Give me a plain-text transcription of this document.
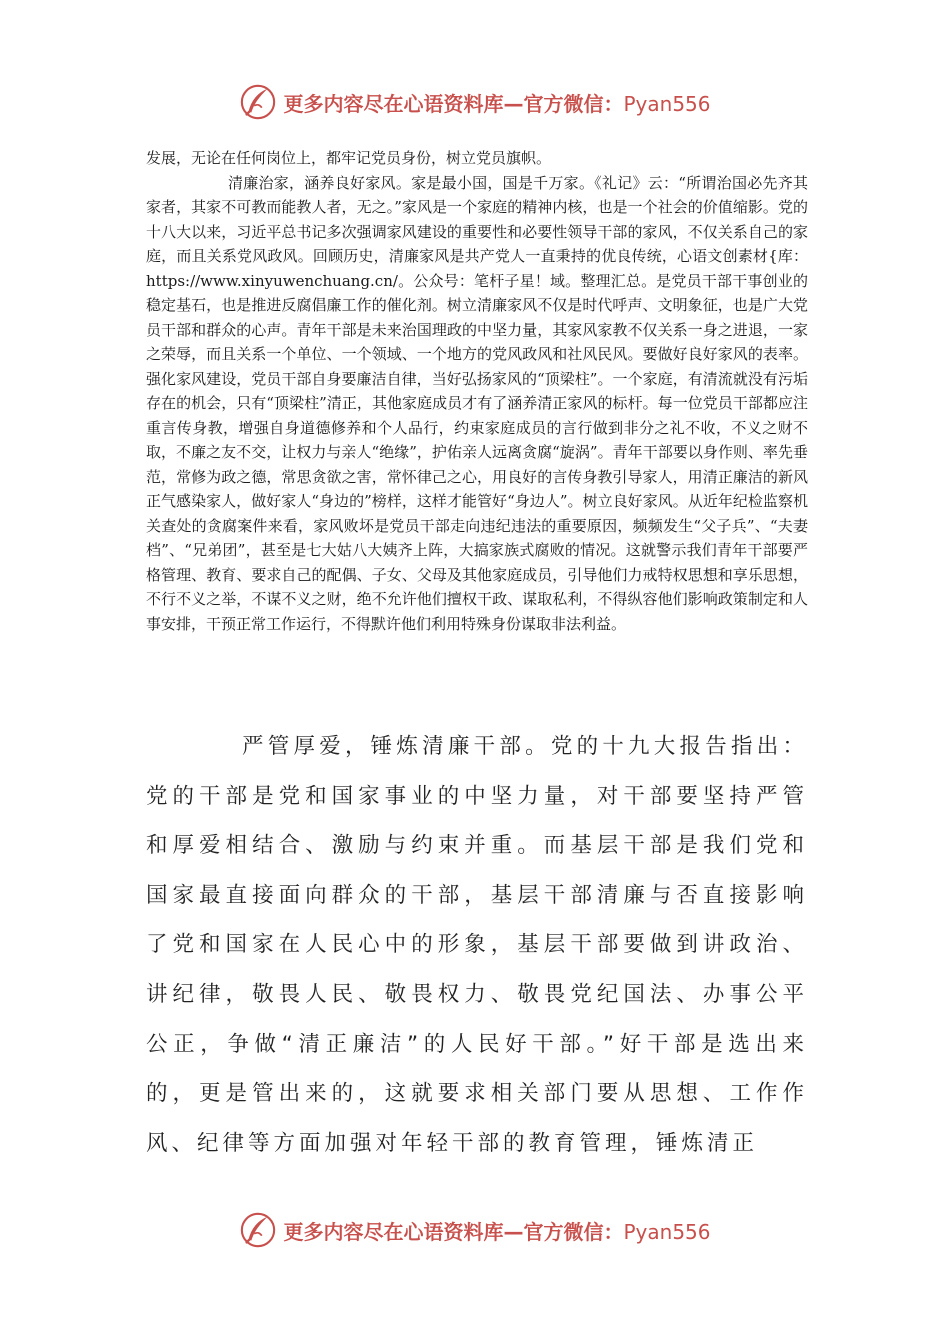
更多内容尽在心语资料库—官方微信：Pyan556

发展，无论在任何岗位上，都牢记党员身份，树立党员旗帜。

清廉治家，涵养良好家风。家是最小国，国是千万家。《礼记》云：“所谓治国必先齐其家者，其家不可教而能教人者，无之。”家风是一个家庭的精神内核，也是一个社会的价值缩影。党的十八大以来，习近平总书记多次强调家风建设的重要性和必要性领导干部的家风，不仅关系自己的家庭，而且关系党风政风。回顾历史，清廉家风是共产党人一直秉持的优良传统，心语文创素材{库：https://www.xinyuwenchuang.cn/。公众号：笔杆子星！域。整理汇总。是党员干部干事创业的稳定基石，也是推进反腐倡廉工作的催化剂。树立清廉家风不仅是时代呼声、文明象征，也是广大党员干部和群众的心声。青年干部是未来治国理政的中坚力量，其家风家教不仅关系一身之进退，一家之荣辱，而且关系一个单位、一个领域、一个地方的党风政风和社风民风。要做好良好家风的表率。强化家风建设，党员干部自身要廉洁自律，当好弘扬家风的“顶梁柱”。一个家庭，有清流就没有污垢存在的机会，只有“顶梁柱”清正，其他家庭成员才有了涵养清正家风的标杆。每一位党员干部都应注重言传身教，增强自身道德修养和个人品行，约束家庭成员的言行做到非分之礼不收，不义之财不取，不廉之友不交，让权力与亲人“绝缘”，护佑亲人远离贪腐“旋涡”。青年干部要以身作则、率先垂范，常修为政之德，常思贪欲之害，常怀律己之心，用良好的言传身教引导家人，用清正廉洁的新风正气感染家人，做好家人“身边的”榜样，这样才能管好“身边人”。树立良好家风。从近年纪检监察机关查处的贪腐案件来看，家风败坏是党员干部走向违纪违法的重要原因，频频发生“父子兵”、“夫妻档”、“兄弟团”，甚至是七大姑八大姨齐上阵，大搞家族式腐败的情况。这就警示我们青年干部要严格管理、教育、要求自己的配偶、子女、父母及其他家庭成员，引导他们力戒特权思想和享乐思想，不行不义之举，不谋不义之财，绝不允许他们擅权干政、谋取私利，不得纵容他们影响政策制定和人事安排，干预正常工作运行，不得默许他们利用特殊身份谋取非法利益。

严管厚爱，锤炼清廉干部。党的十九大报告指出：党的干部是党和国家事业的中坚力量，对干部要坚持严管和厚爱相结合、激励与约束并重。而基层干部是我们党和国家最直接面向群众的干部，基层干部清廉与否直接影响了党和国家在人民心中的形象，基层干部要做到讲政治、讲纪律，敬畏人民、敬畏权力、敬畏党纪国法、办事公平公正，争做“清正廉洁”的人民好干部。”好干部是选出来的，更是管出来的，这就要求相关部门要从思想、工作作风、纪律等方面加强对年轻干部的教育管理，锤炼清正

更多内容尽在心语资料库—官方微信：Pyan556
